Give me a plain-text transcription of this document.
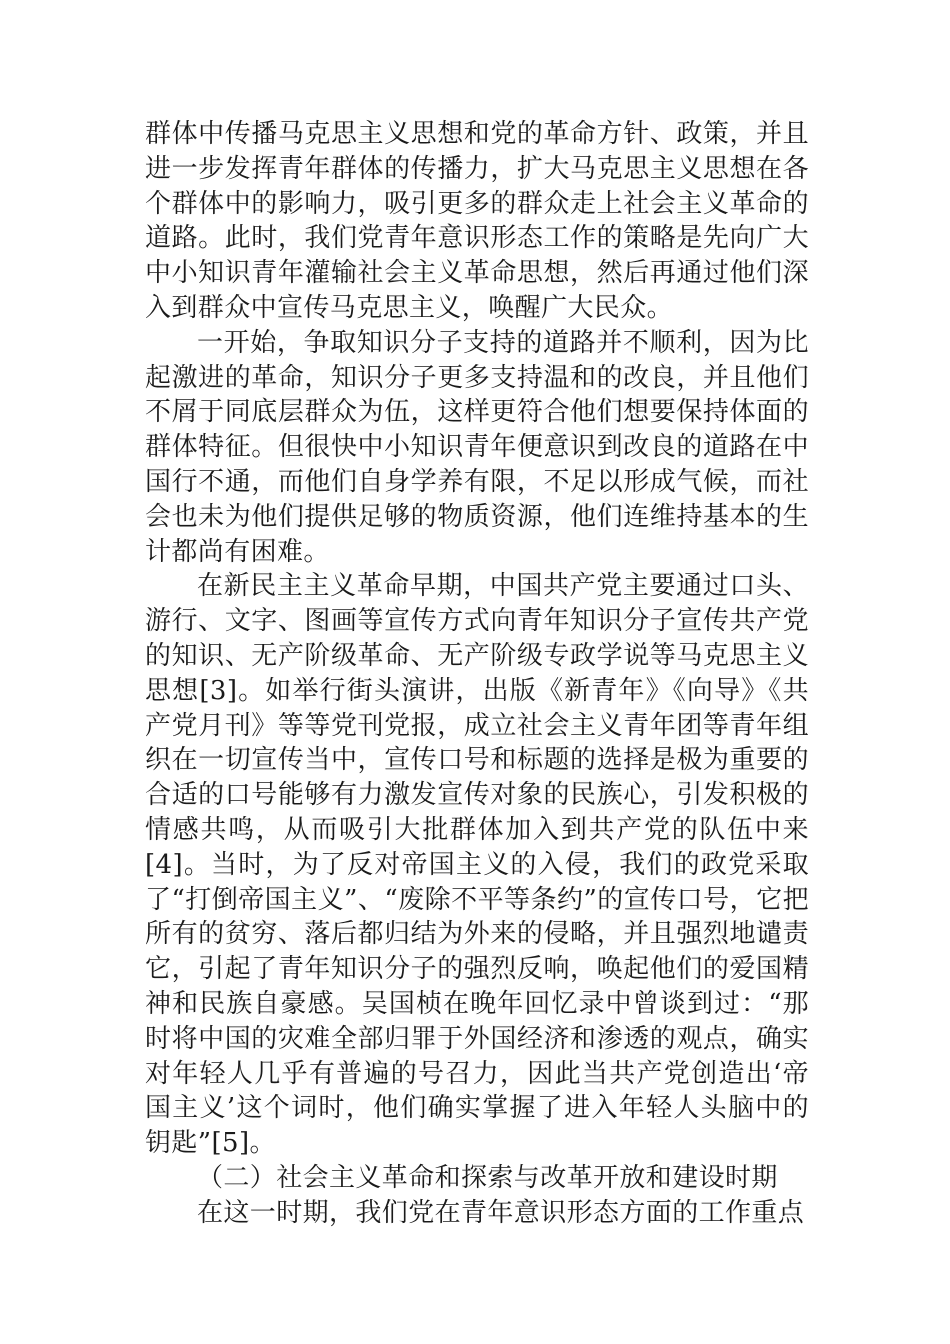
群体中传播马克思主义思想和党的革命方针、政策，并且进一步发挥青年群体的传播力，扩大马克思主义思想在各个群体中的影响力，吸引更多的群众走上社会主义革命的道路。此时，我们党青年意识形态工作的策略是先向广大中小知识青年灌输社会主义革命思想，然后再通过他们深入到群众中宣传马克思主义，唤醒广大民众。

一开始，争取知识分子支持的道路并不顺利，因为比起激进的革命，知识分子更多支持温和的改良，并且他们不屑于同底层群众为伍，这样更符合他们想要保持体面的群体特征。但很快中小知识青年便意识到改良的道路在中国行不通，而他们自身学养有限，不足以形成气候，而社会也未为他们提供足够的物质资源，他们连维持基本的生计都尚有困难。

在新民主主义革命早期，中国共产党主要通过口头、游行、文字、图画等宣传方式向青年知识分子宣传共产党的知识、无产阶级革命、无产阶级专政学说等马克思主义思想[3]。如举行街头演讲，出版《新青年》《向导》《共产党月刊》等等党刊党报，成立社会主义青年团等青年组织在一切宣传当中，宣传口号和标题的选择是极为重要的合适的口号能够有力激发宣传对象的民族心，引发积极的情感共鸣，从而吸引大批群体加入到共产党的队伍中来[4]。当时，为了反对帝国主义的入侵，我们的政党采取了“打倒帝国主义”、“废除不平等条约”的宣传口号，它把所有的贫穷、落后都归结为外来的侵略，并且强烈地谴责它，引起了青年知识分子的强烈反响，唤起他们的爱国精神和民族自豪感。吴国桢在晚年回忆录中曾谈到过：“那时将中国的灾难全部归罪于外国经济和渗透的观点，确实对年轻人几乎有普遍的号召力，因此当共产党创造出‘帝国主义’这个词时，他们确实掌握了进入年轻人头脑中的钥匙”[5]。

（二）社会主义革命和探索与改革开放和建设时期

在这一时期，我们党在青年意识形态方面的工作重点
